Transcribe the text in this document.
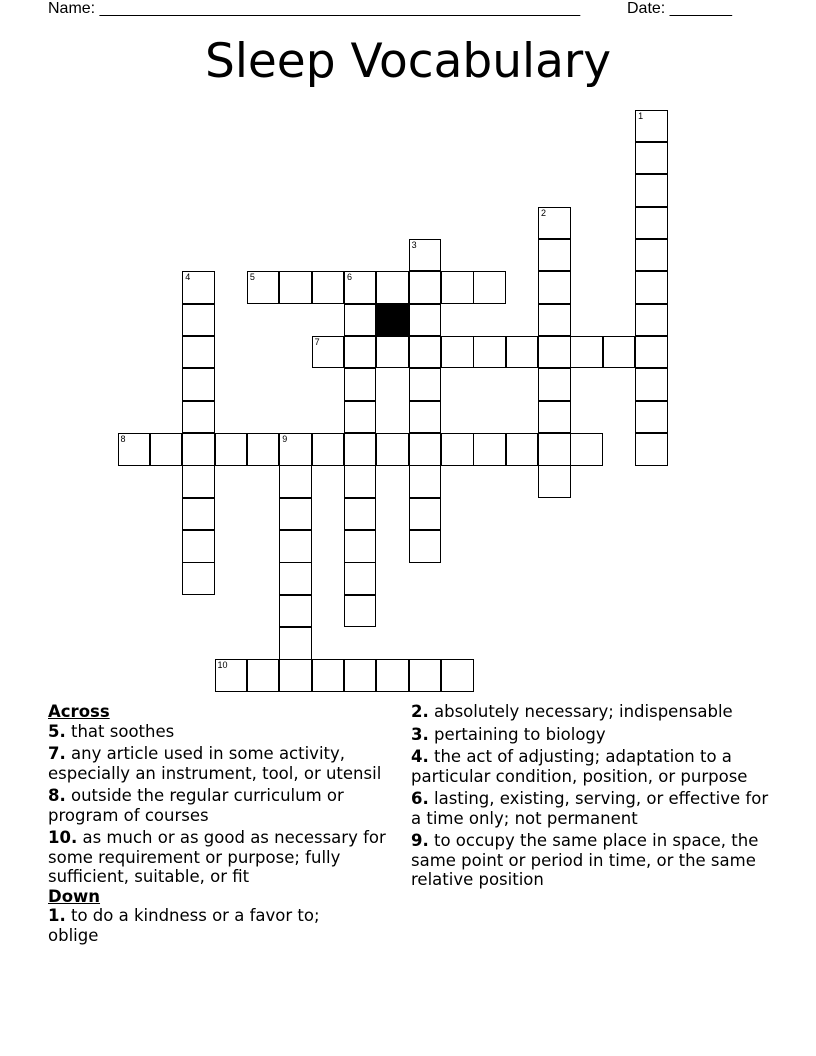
Name: ______________________________________________________	Date: _______
Sleep Vocabulary
1
2
3
4	5	6
7
8	9
10
Across
5. that soothes
7. any article used in some activity, especially an instrument, tool, or utensil
8. outside the regular curriculum or program of courses
10. as much or as good as necessary for some requirement or purpose; fully sufficient, suitable, or fit
Down
1. to do a kindness or a favor to; oblige
2. absolutely necessary; indispensable
3. pertaining to biology
4. the act of adjusting; adaptation to a particular condition, position, or purpose
6. lasting, existing, serving, or effective for a time only; not permanent
9. to occupy the same place in space, the same point or period in time, or the same relative position
